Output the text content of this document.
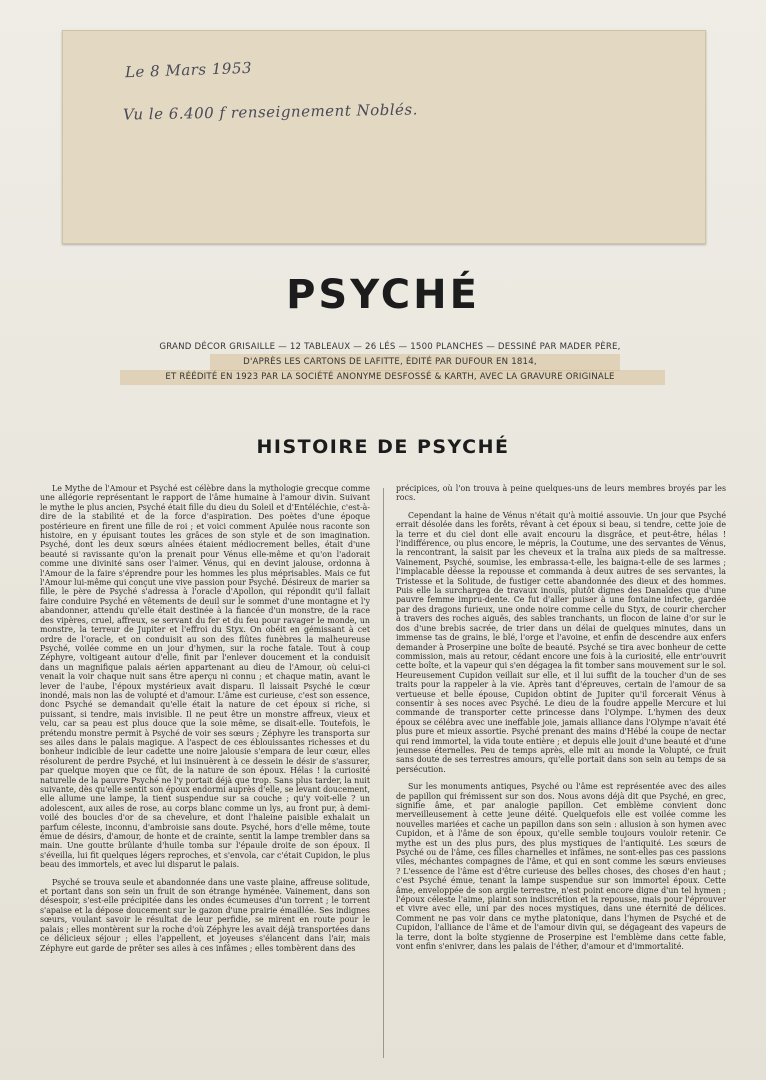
Le 8 Mars 1953
Vu le 6.400 f renseignement Noblés.
PSYCHÉ
GRAND DÉCOR GRISAILLE — 12 TABLEAUX — 26 LÉS — 1500 PLANCHES — DESSINÉ PAR MADER PÈRE,
D'APRÈS LES CARTONS DE LAFITTE, ÉDITÉ PAR DUFOUR EN 1814,
ET RÉÉDITÉ EN 1923 PAR LA SOCIÉTÉ ANONYME DESFOSSÉ & KARTH, AVEC LA GRAVURE ORIGINALE
HISTOIRE DE PSYCHÉ

Le Mythe de l'Amour et Psyché est célèbre dans la mythologie grecque comme une allégorie représentant le rapport de l'âme humaine à l'amour divin. Suivant le mythe le plus ancien, Psyché était fille du dieu du Soleil et d'Entéléchie, c'est-à-dire de la stabilité et de la force d'aspiration. Des poètes d'une époque postérieure en firent une fille de roi ; et voici comment Apulée nous raconte son histoire, en y épuisant toutes les grâces de son style et de son imagination. Psyché, dont les deux sœurs aînées étaient médiocrement belles, était d'une beauté si ravissante qu'on la prenait pour Vénus elle-même et qu'on l'adorait comme une divinité sans oser l'aimer. Vénus, qui en devint jalouse, ordonna à l'Amour de la faire s'éprendre pour les hommes les plus méprisables. Mais ce fut l'Amour lui-même qui conçut une vive passion pour Psyché. Désireux de marier sa fille, le père de Psyché s'adressa à l'oracle d'Apollon, qui répondit qu'il fallait faire conduire Psyché en vêtements de deuil sur le sommet d'une montagne et l'y abandonner, attendu qu'elle était destinée à la fiancée d'un monstre, de la race des vipères, cruel, affreux, se servant du fer et du feu pour ravager le monde, un monstre, la terreur de Jupiter et l'effroi du Styx. On obéit en gémissant à cet ordre de l'oracle, et on conduisit au son des flûtes funèbres la malheureuse Psyché, voilée comme en un jour d'hymen, sur la roche fatale. Tout à coup Zéphyre, voltigeant autour d'elle, finit par l'enlever doucement et la conduisit dans un magnifique palais aérien appartenant au dieu de l'Amour, où celui-ci venait la voir chaque nuit sans être aperçu ni connu ; et chaque matin, avant le lever de l'aube, l'époux mystérieux avait disparu. Il laissait Psyché le cœur inondé, mais non las de volupté et d'amour. L'âme est curieuse, c'est son essence, donc Psyché se demandait qu'elle était la nature de cet époux si riche, si puissant, si tendre, mais invisible. Il ne peut être un monstre affreux, vieux et velu, car sa peau est plus douce que la soie même, se disait-elle. Toutefois, le prétendu monstre permit à Psyché de voir ses sœurs ; Zéphyre les transporta sur ses ailes dans le palais magique. A l'aspect de ces éblouissantes richesses et du bonheur indicible de leur cadette une noire jalousie s'empara de leur cœur, elles résolurent de perdre Psyché, et lui insinuèrent à ce dessein le désir de s'assurer, par quelque moyen que ce fût, de la nature de son époux. Hélas ! la curiosité naturelle de la pauvre Psyché ne l'y portait déjà que trop. Sans plus tarder, la nuit suivante, dès qu'elle sentit son époux endormi auprès d'elle, se levant doucement, elle allume une lampe, la tient suspendue sur sa couche ; qu'y voit-elle ? un adolescent, aux ailes de rose, au corps blanc comme un lys, au front pur, à demi-voilé des boucles d'or de sa chevelure, et dont l'haleine paisible exhalait un parfum céleste, inconnu, d'ambroisie sans doute. Psyché, hors d'elle même, toute émue de désirs, d'amour, de honte et de crainte, sentit la lampe trembler dans sa main. Une goutte brûlante d'huile tomba sur l'épaule droite de son époux. Il s'éveilla, lui fit quelques légers reproches, et s'envola, car c'était Cupidon, le plus beau des immortels, et avec lui disparut le palais.

Psyché se trouva seule et abandonnée dans une vaste plaine, affreuse solitude, et portant dans son sein un fruit de son étrange hyménée. Vainement, dans son désespoir, s'est-elle précipitée dans les ondes écumeuses d'un torrent ; le torrent s'apaise et la dépose doucement sur le gazon d'une prairie émaillée. Ses indignes sœurs, voulant savoir le résultat de leur perfidie, se mirent en route pour le palais ; elles montèrent sur la roche d'où Zéphyre les avait déjà transportées dans ce délicieux séjour ; elles l'appellent, et joyeuses s'élancent dans l'air, mais Zéphyre eut garde de prêter ses ailes à ces infâmes ; elles tombèrent dans des

précipices, où l'on trouva à peine quelques-uns de leurs membres broyés par les rocs.

Cependant la haine de Vénus n'était qu'à moitié assouvie. Un jour que Psyché errait désolée dans les forêts, rêvant à cet époux si beau, si tendre, cette joie de la terre et du ciel dont elle avait encouru la disgrâce, et peut-être, hélas ! l'indifférence, ou plus encore, le mépris, la Coutume, une des servantes de Vénus, la rencontrant, la saisit par les cheveux et la traîna aux pieds de sa maîtresse. Vainement, Psyché, soumise, les embrassa-t-elle, les baigna-t-elle de ses larmes ; l'implacable déesse la repousse et commanda à deux autres de ses servantes, la Tristesse et la Solitude, de fustiger cette abandonnée des dieux et des hommes. Puis elle la surchargea de travaux inouïs, plutôt dignes des Danaïdes que d'une pauvre femme impru-dente. Ce fut d'aller puiser à une fontaine infecte, gardée par des dragons furieux, une onde noire comme celle du Styx, de courir chercher à travers des roches aiguës, des sables tranchants, un flocon de laine d'or sur le dos d'une brebis sacrée, de trier dans un délai de quelques minutes, dans un immense tas de grains, le blé, l'orge et l'avoine, et enfin de descendre aux enfers demander à Proserpine une boîte de beauté. Psyché se tira avec bonheur de cette commission, mais au retour, cédant encore une fois à la curiosité, elle entr'ouvrit cette boîte, et la vapeur qui s'en dégagea la fit tomber sans mouvement sur le sol. Heureusement Cupidon veillait sur elle, et il lui suffit de la toucher d'un de ses traits pour la rappeler à la vie. Après tant d'épreuves, certain de l'amour de sa vertueuse et belle épouse, Cupidon obtint de Jupiter qu'il forcerait Vénus à consentir à ses noces avec Psyché. Le dieu de la foudre appelle Mercure et lui commande de transporter cette princesse dans l'Olympe. L'hymen des deux époux se célébra avec une ineffable joie, jamais alliance dans l'Olympe n'avait été plus pure et mieux assortie. Psyché prenant des mains d'Hébé la coupe de nectar qui rend immortel, la vida toute entière ; et depuis elle jouit d'une beauté et d'une jeunesse éternelles. Peu de temps après, elle mit au monde la Volupté, ce fruit sans doute de ses terrestres amours, qu'elle portait dans son sein au temps de sa persécution.

Sur les monuments antiques, Psyché ou l'âme est représentée avec des ailes de papillon qui frémissent sur son dos. Nous avons déjà dit que Psyché, en grec, signifie âme, et par analogie papillon. Cet emblème convient donc merveilleusement à cette jeune déité. Quelquefois elle est voilée comme les nouvelles mariées et cache un papillon dans son sein : allusion à son hymen avec Cupidon, et à l'âme de son époux, qu'elle semble toujours vouloir retenir. Ce mythe est un des plus purs, des plus mystiques de l'antiquité. Les sœurs de Psyché ou de l'âme, ces filles charnelles et infâmes, ne sont-elles pas ces passions viles, méchantes compagnes de l'âme, et qui en sont comme les sœurs envieuses ? L'essence de l'âme est d'être curieuse des belles choses, des choses d'en haut ; c'est Psyché émue, tenant la lampe suspendue sur son immortel époux. Cette âme, enveloppée de son argile terrestre, n'est point encore digne d'un tel hymen ; l'époux céleste l'aime, plaint son indiscrétion et la repousse, mais pour l'éprouver et vivre avec elle, uni par des noces mystiques, dans une éternité de délices. Comment ne pas voir dans ce mythe platonique, dans l'hymen de Psyché et de Cupidon, l'alliance de l'âme et de l'amour divin qui, se dégageant des vapeurs de la terre, dont la boîte stygienne de Proserpine est l'emblème dans cette fable, vont enfin s'enivrer, dans les palais de l'éther, d'amour et d'immortalité.
